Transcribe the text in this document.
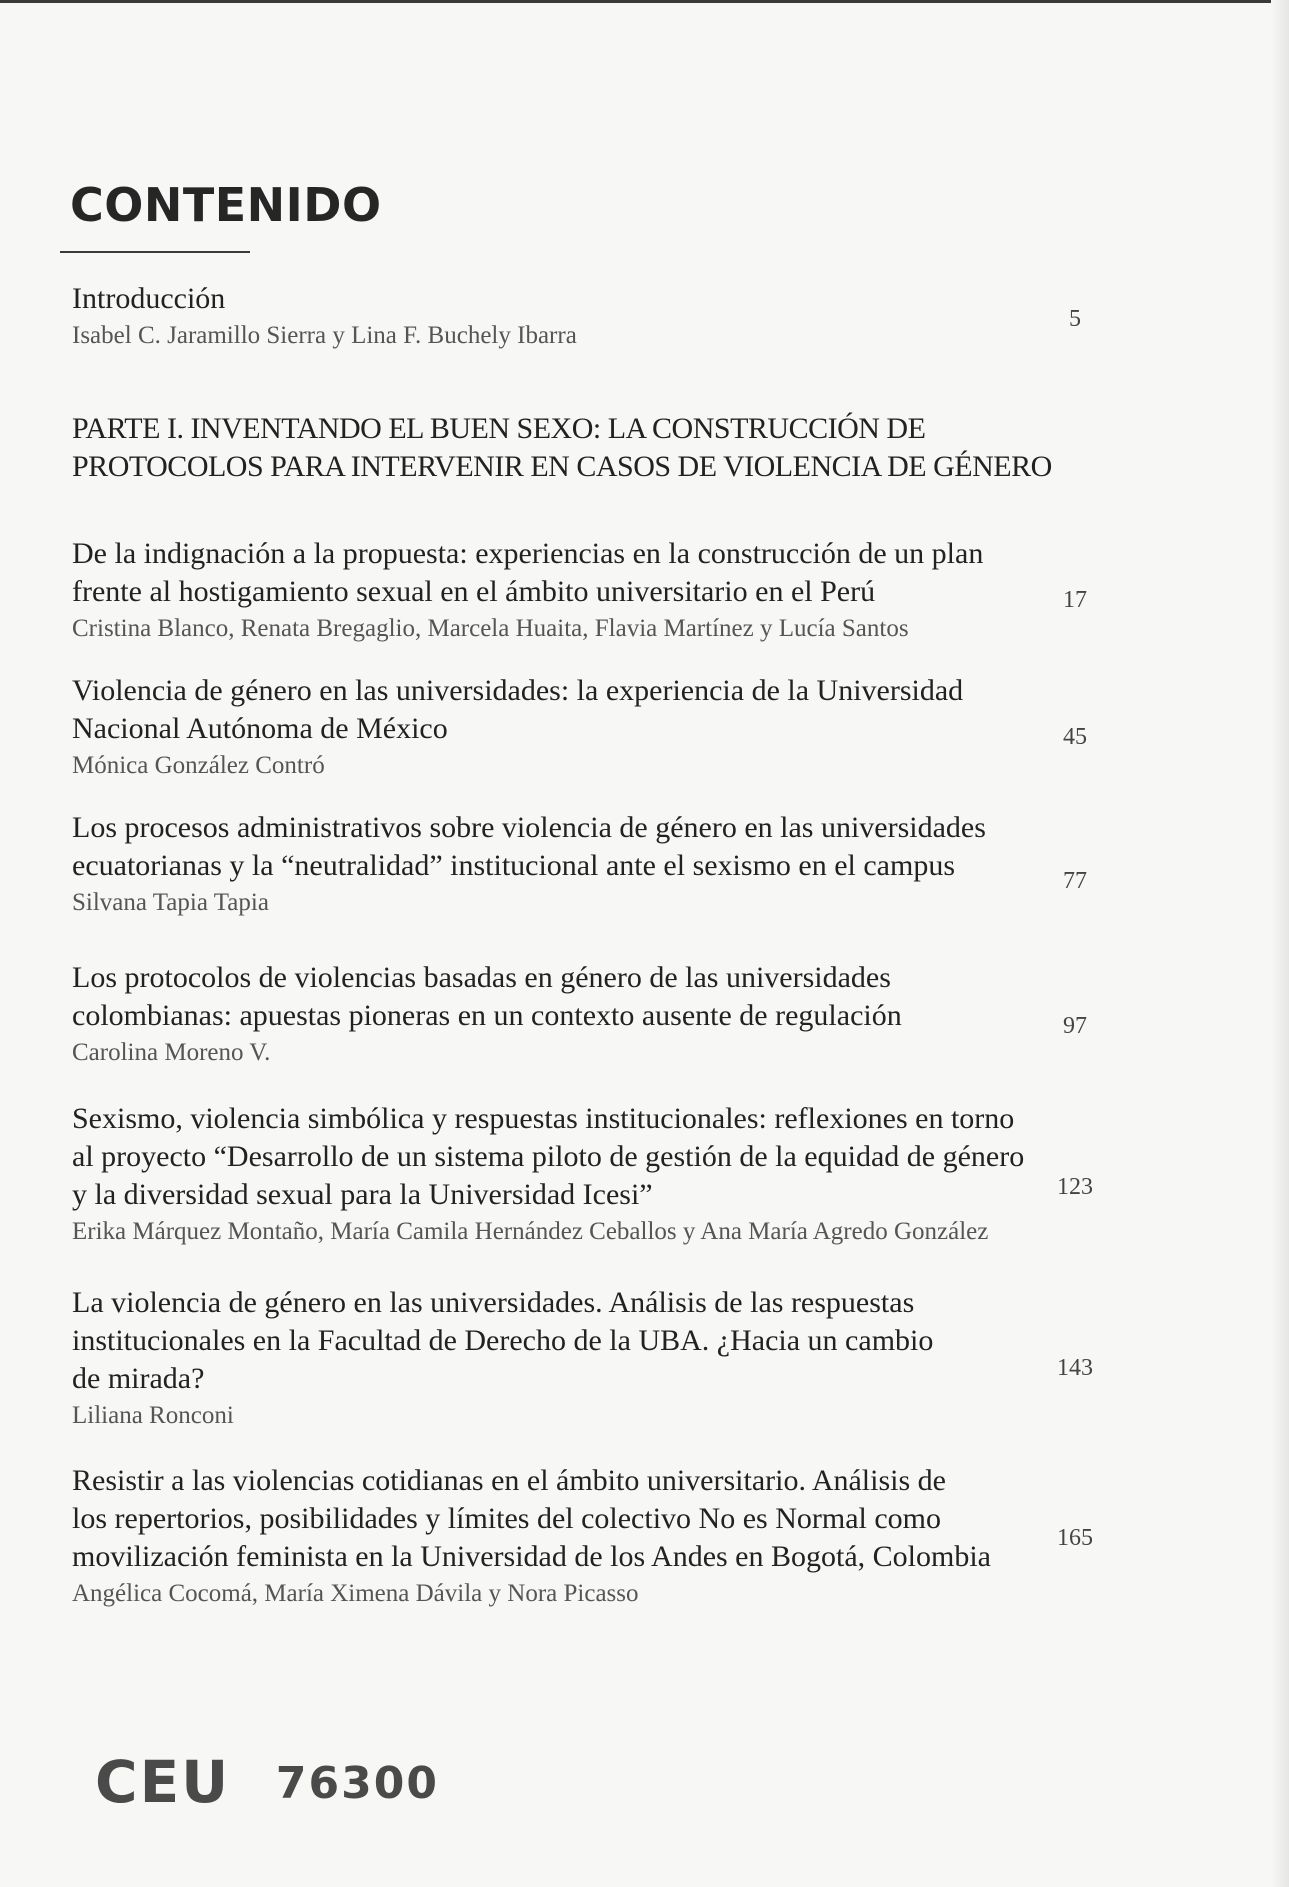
CONTENIDO
Introducción
Isabel C. Jaramillo Sierra y Lina F. Buchely Ibarra
5
PARTE I. INVENTANDO EL BUEN SEXO: LA CONSTRUCCIÓN DE
PROTOCOLOS PARA INTERVENIR EN CASOS DE VIOLENCIA DE GÉNERO
De la indignación a la propuesta: experiencias en la construcción de un plan
frente al hostigamiento sexual en el ámbito universitario en el Perú
Cristina Blanco, Renata Bregaglio, Marcela Huaita, Flavia Martínez y Lucía Santos
17
Violencia de género en las universidades: la experiencia de la Universidad
Nacional Autónoma de México
Mónica González Contró
45
Los procesos administrativos sobre violencia de género en las universidades
ecuatorianas y la “neutralidad” institucional ante el sexismo en el campus
Silvana Tapia Tapia
77
Los protocolos de violencias basadas en género de las universidades
colombianas: apuestas pioneras en un contexto ausente de regulación
Carolina Moreno V.
97
Sexismo, violencia simbólica y respuestas institucionales: reflexiones en torno
al proyecto “Desarrollo de un sistema piloto de gestión de la equidad de género
y la diversidad sexual para la Universidad Icesi”
Erika Márquez Montaño, María Camila Hernández Ceballos y Ana María Agredo González
123
La violencia de género en las universidades. Análisis de las respuestas
institucionales en la Facultad de Derecho de la UBA. ¿Hacia un cambio
de mirada?
Liliana Ronconi
143
Resistir a las violencias cotidianas en el ámbito universitario. Análisis de
los repertorios, posibilidades y límites del colectivo No es Normal como
movilización feminista en la Universidad de los Andes en Bogotá, Colombia
Angélica Cocomá, María Ximena Dávila y Nora Picasso
165
CEU 76300
